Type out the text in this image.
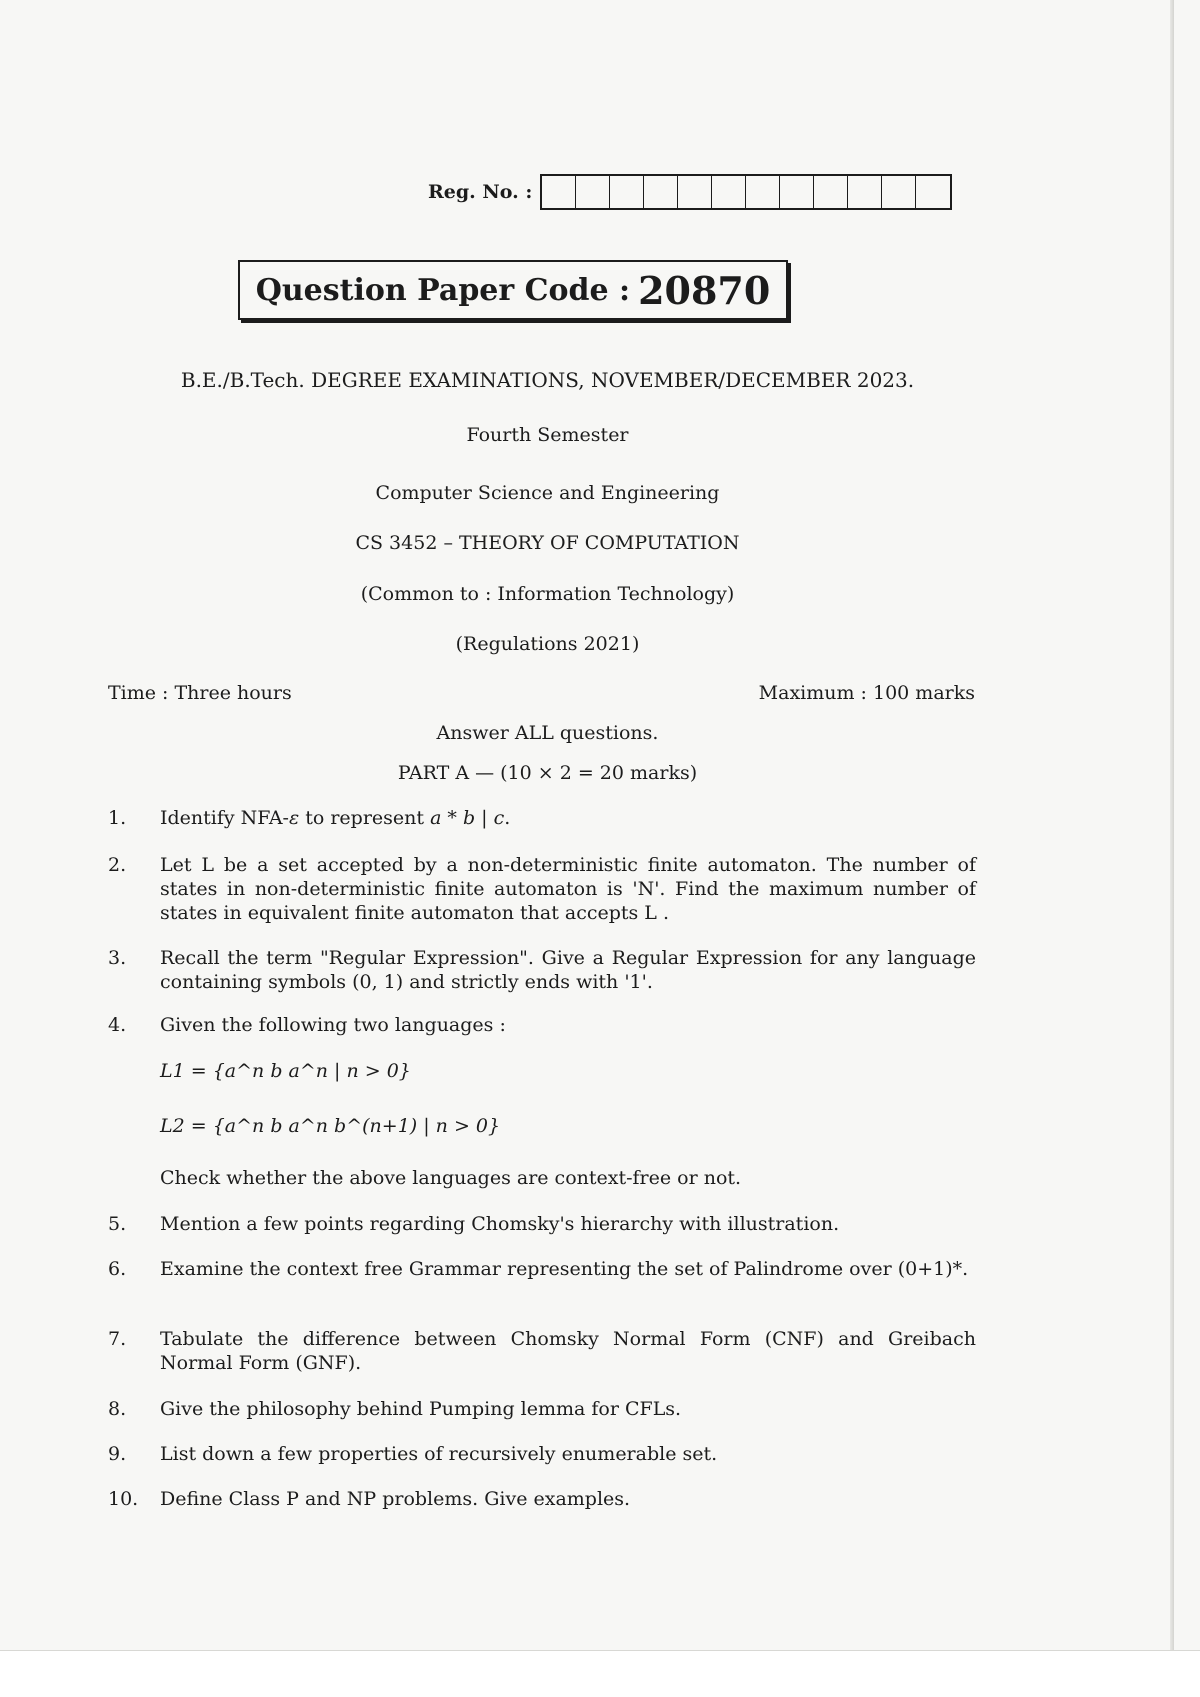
Reg. No. :
Question Paper Code : 20870
B.E./B.Tech. DEGREE EXAMINATIONS, NOVEMBER/DECEMBER 2023.
Fourth Semester
Computer Science and Engineering
CS 3452 – THEORY OF COMPUTATION
(Common to : Information Technology)
(Regulations 2021)
Time : Three hours	Maximum : 100 marks
Answer ALL questions.
PART A — (10 × 2 = 20 marks)
1.	Identify NFA-ε to represent a * b | c.
2.	Let L be a set accepted by a non-deterministic finite automaton. The number of states in non-deterministic finite automaton is 'N'. Find the maximum number of states in equivalent finite automaton that accepts L .
3.	Recall the term "Regular Expression". Give a Regular Expression for any language containing symbols (0, 1) and strictly ends with '1'.
4.	Given the following two languages :
L1 = {a^n b a^n | n > 0}
L2 = {a^n b a^n b^(n+1) | n > 0}
Check whether the above languages are context-free or not.
5.	Mention a few points regarding Chomsky's hierarchy with illustration.
6.	Examine the context free Grammar representing the set of Palindrome over (0+1)*.
7.	Tabulate the difference between Chomsky Normal Form (CNF) and Greibach Normal Form (GNF).
8.	Give the philosophy behind Pumping lemma for CFLs.
9.	List down a few properties of recursively enumerable set.
10.	Define Class P and NP problems. Give examples.
